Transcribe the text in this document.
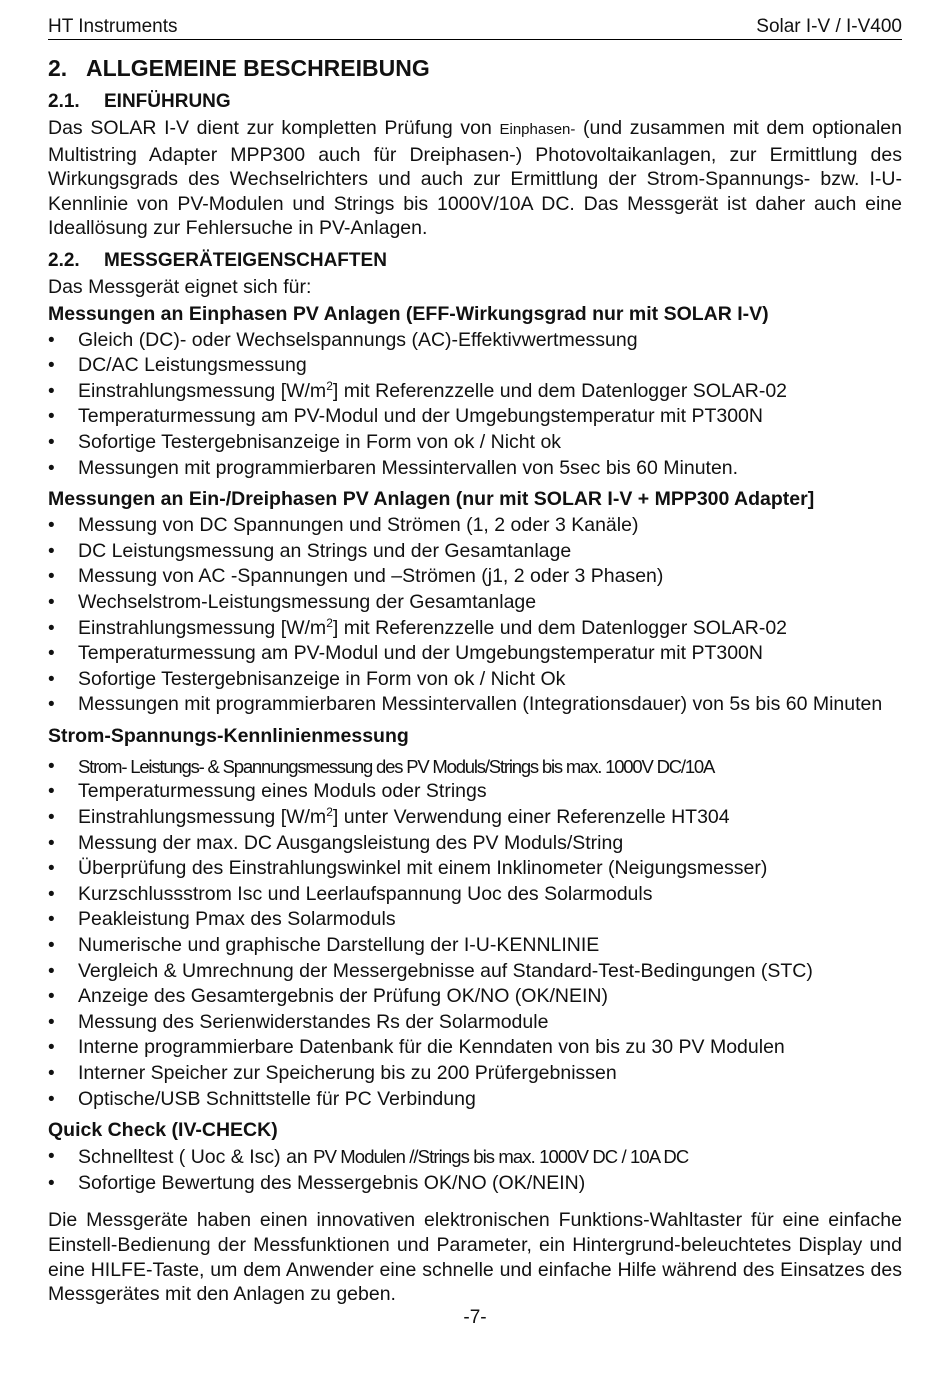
HT Instruments	Solar I-V / I-V400
2. ALLGEMEINE BESCHREIBUNG
2.1. EINFÜHRUNG

Das SOLAR I-V dient zur kompletten Prüfung von Einphasen- (und zusammen mit dem optionalen Multistring Adapter MPP300 auch für Dreiphasen-) Photovoltaikanlagen, zur Ermittlung des Wirkungsgrads des Wechselrichters und auch zur Ermittlung der Strom-Spannungs- bzw. I-U-Kennlinie von PV-Modulen und Strings bis 1000V/10A DC. Das Messgerät ist daher auch eine Ideallösung zur Fehlersuche in PV-Anlagen.

2.2. MESSGERÄTEIGENSCHAFTEN

Das Messgerät eignet sich für:

Messungen an Einphasen PV Anlagen (EFF-Wirkungsgrad nur mit SOLAR I-V)
• Gleich (DC)- oder Wechselspannungs (AC)-Effektivwertmessung
• DC/AC Leistungsmessung
• Einstrahlungsmessung $[W/m^2]$ mit Referenzzelle und dem Datenlogger SOLAR-02
• Temperaturmessung am PV-Modul und der Umgebungstemperatur mit PT300N
• Sofortige Testergebnisanzeige in Form von ok / Nicht ok
• Messungen mit programmierbaren Messintervallen von 5sec bis 60 Minuten.
Messungen an Ein-/Dreiphasen PV Anlagen (nur mit SOLAR I-V + MPP300 Adapter]
• Messung von DC Spannungen und Strömen (1, 2 oder 3 Kanäle)
• DC Leistungsmessung an Strings und der Gesamtanlage
• Messung von AC -Spannungen und –Strömen (j1, 2 oder 3 Phasen)
• Wechselstrom-Leistungsmessung der Gesamtanlage
• Einstrahlungsmessung $[W/m^2]$ mit Referenzzelle und dem Datenlogger SOLAR-02
• Temperaturmessung am PV-Modul und der Umgebungstemperatur mit PT300N
• Sofortige Testergebnisanzeige in Form von ok / Nicht Ok
• Messungen mit programmierbaren Messintervallen (Integrationsdauer) von 5s bis 60 Minuten
Strom-Spannungs-Kennlinienmessung
• Strom- Leistungs- & Spannungsmessung des PV Moduls/Strings bis max. 1000V DC/10A
• Temperaturmessung eines Moduls oder Strings
• Einstrahlungsmessung $[W/m^2]$ unter Verwendung einer Referenzelle HT304
• Messung der max. DC Ausgangsleistung des PV Moduls/String
• Überprüfung des Einstrahlungswinkel mit einem Inklinometer (Neigungsmesser)
• Kurzschlussstrom Isc und Leerlaufspannung Uoc des Solarmoduls
• Peakleistung Pmax des Solarmoduls
• Numerische und graphische Darstellung der I-U-KENNLINIE
• Vergleich & Umrechnung der Messergebnisse auf Standard-Test-Bedingungen (STC)
• Anzeige des Gesamtergebnis der Prüfung OK/NO (OK/NEIN)
• Messung des Serienwiderstandes Rs der Solarmodule
• Interne programmierbare Datenbank für die Kenndaten von bis zu 30 PV Modulen
• Interner Speicher zur Speicherung bis zu 200 Prüfergebnissen
• Optische/USB Schnittstelle für PC Verbindung
Quick Check (IV-CHECK)
• Schnelltest ( Uoc & Isc) an PV Modulen //Strings bis max. 1000V DC / 10A DC
• Sofortige Bewertung des Messergebnis OK/NO (OK/NEIN)

Die Messgeräte haben einen innovativen elektronischen Funktions-Wahltaster für eine einfache Einstell-Bedienung der Messfunktionen und Parameter, ein Hintergrund-beleuchtetes Display und eine HILFE-Taste, um dem Anwender eine schnelle und einfache Hilfe während des Einsatzes des Messgerätes mit den Anlagen zu geben.

-7-
